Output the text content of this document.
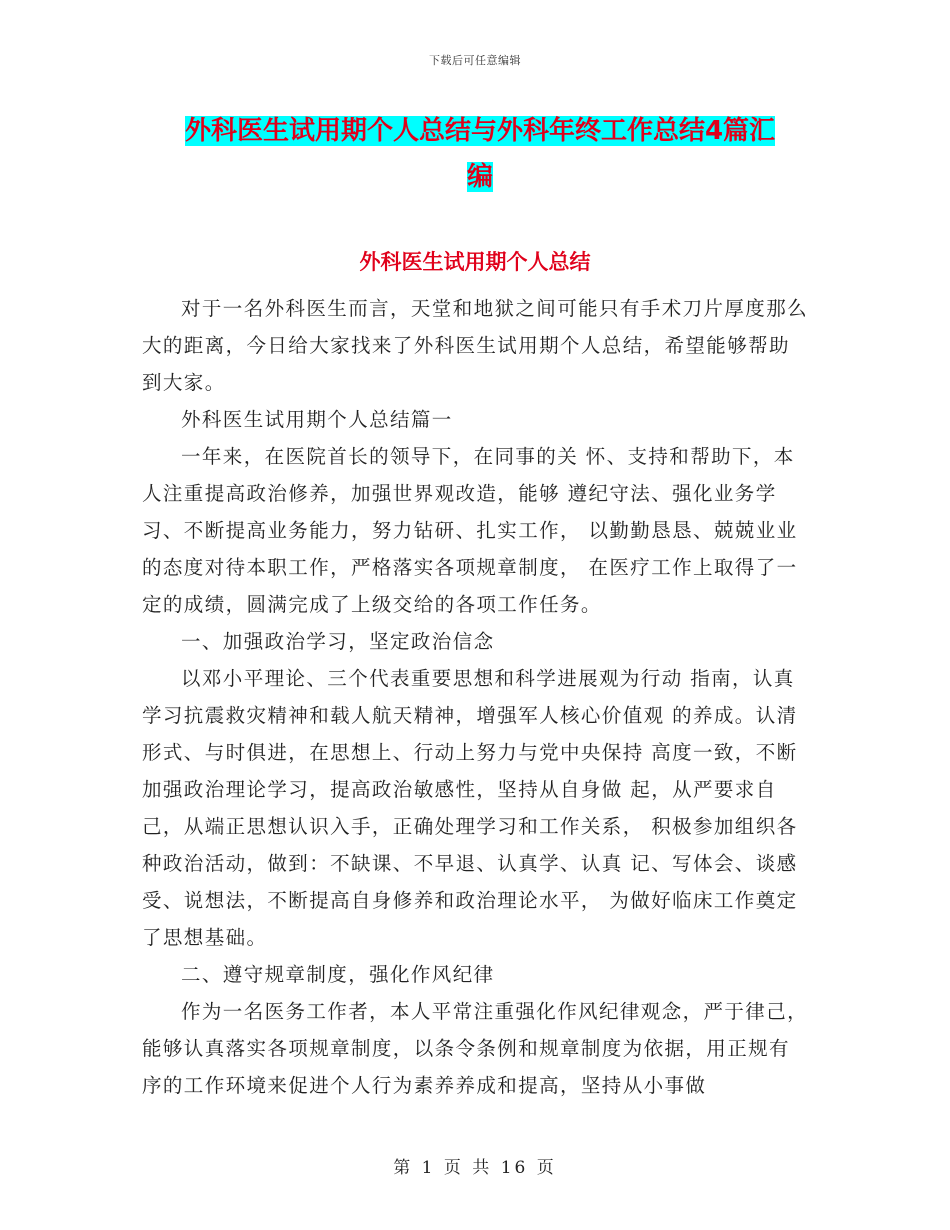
下载后可任意编辑
外科医生试用期个人总结与外科年终工作总结4篇汇
编
外科医生试用期个人总结

对于一名外科医生而言，天堂和地狱之间可能只有手术刀片厚度那么大的距离，今日给大家找来了外科医生试用期个人总结，希望能够帮助到大家。

外科医生试用期个人总结篇一

一年来，在医院首长的领导下，在同事的关 怀、支持和帮助下，本人注重提高政治修养，加强世界观改造，能够 遵纪守法、强化业务学习、不断提高业务能力，努力钻研、扎实工作， 以勤勤恳恳、兢兢业业的态度对待本职工作，严格落实各项规章制度， 在医疗工作上取得了一定的成绩，圆满完成了上级交给的各项工作任务。

一、加强政治学习，坚定政治信念

以邓小平理论、三个代表重要思想和科学进展观为行动 指南，认真学习抗震救灾精神和载人航天精神，增强军人核心价值观 的养成。认清形式、与时俱进，在思想上、行动上努力与党中央保持 高度一致，不断加强政治理论学习，提高政治敏感性，坚持从自身做 起，从严要求自己，从端正思想认识入手，正确处理学习和工作关系， 积极参加组织各种政治活动，做到：不缺课、不早退、认真学、认真 记、写体会、谈感受、说想法，不断提高自身修养和政治理论水平， 为做好临床工作奠定了思想基础。

二、遵守规章制度，强化作风纪律

作为一名医务工作者，本人平常注重强化作风纪律观念，严于律己，能够认真落实各项规章制度，以条令条例和规章制度为依据，用正规有序的工作环境来促进个人行为素养养成和提高，坚持从小事做

第 1 页 共 16 页
